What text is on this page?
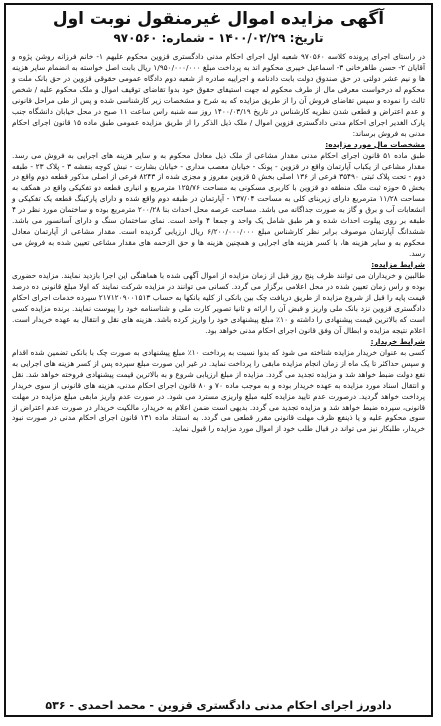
آگهی مزایده اموال غیرمنقول نوبت اول
تاریخ: ۱۴۰۰/۰۲/۲۹ - شماره: ۹۷۰۵۶۰

در راستای اجرای پرونده کلاسه ۹۷۰۵۶۰ شعبه اول اجرای احکام مدنی دادگستری قزوین محکوم علیهم ۱- خانم فرزانه روشن پژوه و آقایان ۲- حسن طاهرخانی ۳- اسماعیل خیبری محکوم اند به پرداخت مبلغ ۱/۹۵۰/۰۰۰/۰۰۰ ریال بابت اصل خواسته به انضمام سایر هزینه ها و نیم عشر دولتی در حق صندوق دولت بابت دادنامه و اجراییه صادره از شعبه دوم دادگاه عمومی حقوقی قزوین در حق بانک ملت و محکوم له درخواست معرفی مال از طرف محکوم له جهت استیفای حقوق خود بدوا تقاضای توقیف اموال و ملک محکوم علیه / شخص ثالث را نموده و سپس تقاضای فروش آن را از طریق مزایده که به شرح و مشخصات زیر کارشناسی شده و پس از طی مراحل قانونی و عدم اعتراض و قطعی شدن نظریه کارشناس در تاریخ ۱۴۰۰/۰۳/۱۹ روز سه شنبه راس ساعت ۱۱ صبح در محل خیابان دانشگاه جنب پارک الغدیر اجرای احکام مدنی دادگستری قزوین اموال / ملک ذیل الذکر را از طریق مزایده عمومی طبق ماده ۱۵ قانون اجرای احکام مدنی به فروش برساند:

مشخصات مال مورد مزایده:

طبق ماده ۵۱ قانون اجرای احکام مدنی مقدار مشاعی از ملک ذیل معادل محکوم به و سایر هزینه های اجرایی به فروش می رسد. مقدار مشاعی از یکباب آپارتمان واقع در قزوین - پونک - خیابان معصب مداری - خیابان بشارت - نبش کوچه بنفشه ۳ - پلاک ۲۳ - طبقه دوم - تحت پلاک ثبتی ۳۵۴۹۰ فرعی از ۱۳۶ اصلی بخش ۵ قزوین مفروز و مجزی شده از ۸۲۴۳ فرعی از اصلی مذکور قطعه دوم واقع در بخش ۵ حوزه ثبت ملک منطقه دو قزوین با کاربری مسکونی به مساحت ۱۲۵/۷۶ مترمربع و انباری قطعه دو تفکیکی واقع در همکف به مساحت ۱۱/۲۸ مترمربع دارای زیربنای کلی به مساحت ۱۳۷/۰۴ - آپارتمان در طبقه دوم واقع شده و دارای پارکینگ قطعه یک تفکیکی و انشعابات آب و برق و گاز به صورت جداگانه می باشد. مساحت عرصه محل احداث بنا ۲۰۰/۲۸ مترمربع بوده و ساختمان مورد نظر در ۴ طبقه بر روی پیلوت احداث شده و هر طبق شامل یک واحد و جمعا ۴ واحد است. نمای ساختمان سنگ و دارای آسانسور می باشد. ششدانگ آپارتمان موصوف برابر نظر کارشناس مبلغ ۶/۲۰۰/۰۰۰/۰۰۰ ریال ارزیابی گردیده است. مقدار مشاعی از آپارتمان معادل محکوم به و سایر هزینه ها، با کسر هزینه های اجرایی و همچنین هزینه ها و حق الزحمه های مقدار مشاعی تعیین شده به فروش می رسد.

شرایط مزایده:

طالبین و خریداران می توانند ظرف پنج روز قبل از زمان مزایده از اموال آگهی شده با هماهنگی این اجرا بازدید نمایند. مزایده حضوری بوده و راس زمان تعیین شده در محل اعلامی برگزار می گردد. کسانی می توانند در مزایده شرکت نمایند که اولا مبلغ قانونی ده درصد قیمت پایه را قبل از شروع مزایده از طریق دریافت چک بین بانکی از کلیه بانکها به حساب ۲۱۷۱۲۰۹۰۰۱۵۱۳ سپرده خدمات اجرای احکام دادگستری قزوین نزد بانک ملی واریز و قبض آن را ارائه و ثانیا تصویر کارت ملی و شناسنامه خود را پیوست نمایند. برنده مزایده کسی است که بالاترین قیمت پیشنهادی را داشته و ۱۰٪ مبلغ پیشنهادی خود را واریز کرده باشد. هزینه های نقل و انتقال به عهده خریدار است. اعلام نتیجه مزایده و ابطال آن وفق قانون اجرای احکام مدنی خواهد بود.

شرایط خریدار:

کسی به عنوان خریدار مزایده شناخته می شود که بدوا نسبت به پرداخت ۱۰٪ مبلغ پیشنهادی به صورت چک با بانکی تضمین شده اقدام و سپس حداکثر تا یک ماه از زمان انجام مزایده مابقی را پرداخت نماید. در غیر این صورت مبلغ سپرده پس از کسر هزینه های اجرایی به نفع دولت ضبط خواهد شد و مزایده تجدید می گردد. مزایده از مبلغ ارزیابی شروع و به بالاترین قیمت پیشنهادی فروخته خواهد شد. نقل و انتقال اسناد مورد مزایده به عهده خریدار بوده و به موجب ماده ۷۰ و ۸۰ قانون اجرای احکام مدنی، هزینه های قانونی از سوی خریدار پرداخت خواهد گردید. درصورت عدم تایید مزایده کلیه مبلغ واریزی مسترد می شود. در صورت عدم واریز مابقی مبلغ مزایده در مهلت قانونی، سپرده ضبط خواهد شد و مزایده تجدید می گردد. بدیهی است ضمن اعلام به خریدار، مالکیت خریدار در صورت عدم اعتراض از سوی محکوم علیه و یا ذینفع ظرف مهلت قانونی مقرر قطعی می گردد. به استناد ماده ۱۳۱ قانون اجرای احکام مدنی در صورت نبود خریدار، طلبکار نیز می تواند در قبال طلب خود از اموال مورد مزایده را قبول نماید.

دادورز اجرای احکام مدنی دادگستری قزوین - محمد احمدی - ۵۳۶
